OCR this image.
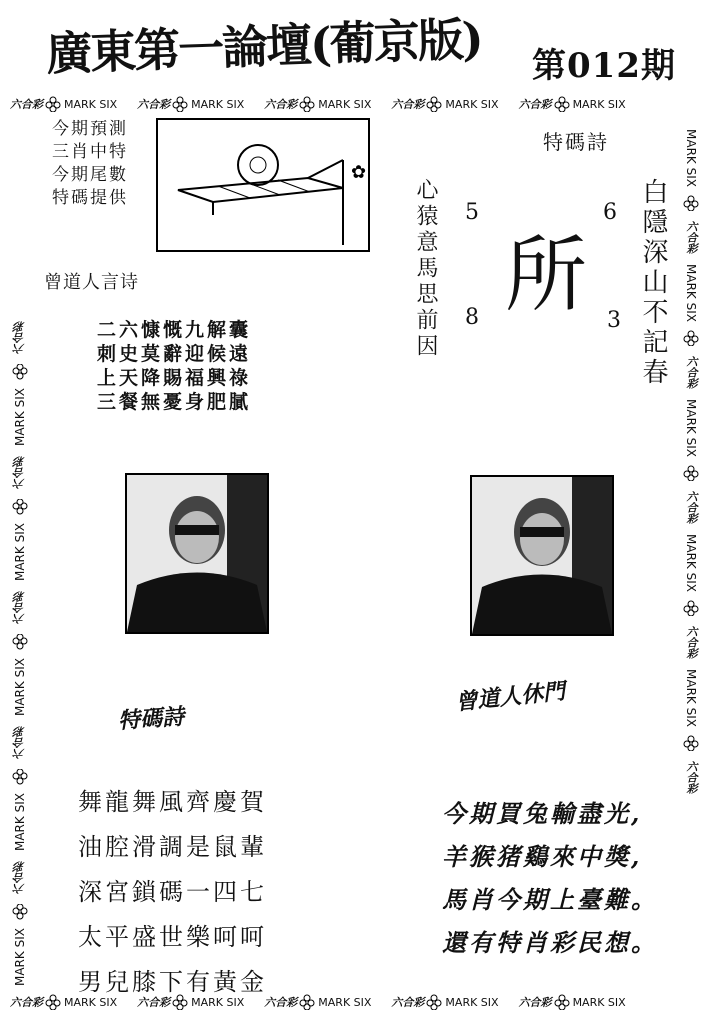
廣東第一論壇(葡京版) 第012期
六合彩 MARK SIX 六合彩 MARK SIX 六合彩 MARK SIX 六合彩 MARK SIX 六合彩 MARK SIX
六合彩 MARK SIX 六合彩 MARK SIX 六合彩 MARK SIX 六合彩 MARK SIX 六合彩 MARK SIX
MARK SIX六合彩MARK SIX六合彩MARK SIX六合彩MARK SIX六合彩MARK SIX六合彩
MARK SIX六合彩MARK SIX六合彩MARK SIX六合彩MARK SIX六合彩MARK SIX六合彩
今期預測
三肖中特
今期尾數
特碼提供
✿
特碼詩
心猿意馬思前因	白隱深山不記春
所
5	6
8	3
曾道人言诗
二六慷慨九解囊
刺史莫辭迎候遠
上天降賜福興祿
三餐無憂身肥膩
特碼詩
曾道人休門
舞龍舞風齊慶賀
油腔滑調是鼠輩
深宮鎖碼一四七
太平盛世樂呵呵
男兒膝下有黃金
今期買兔輸盡光,
羊猴猪鷄來中獎,
馬肖今期上臺難。
還有特肖彩民想。
